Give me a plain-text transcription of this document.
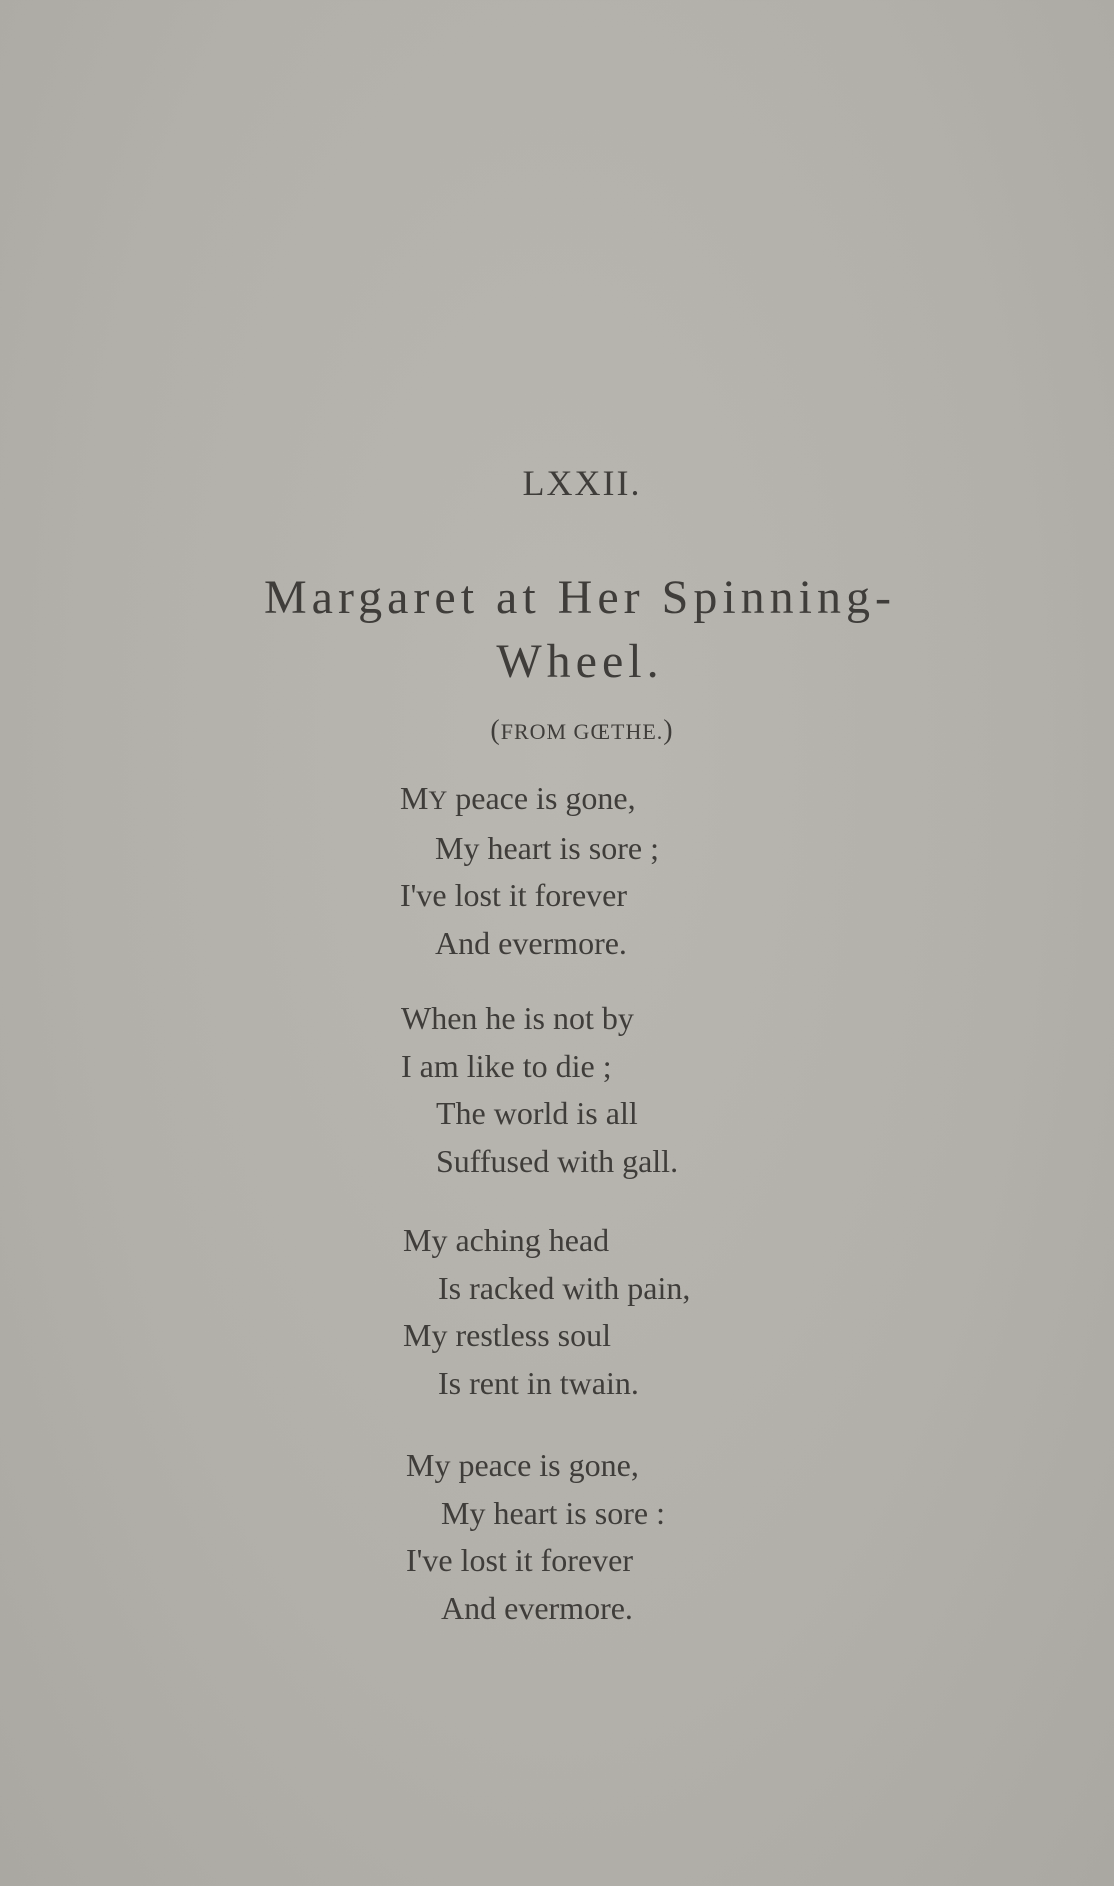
LXXII.
Margaret at Her Spinning-
Wheel.
(FROM GŒTHE.)
MY peace is gone,
My heart is sore ;
I've lost it forever
And evermore.
When he is not by
I am like to die ;
The world is all
Suffused with gall.
My aching head
Is racked with pain,
My restless soul
Is rent in twain.
My peace is gone,
My heart is sore :
I've lost it forever
And evermore.
